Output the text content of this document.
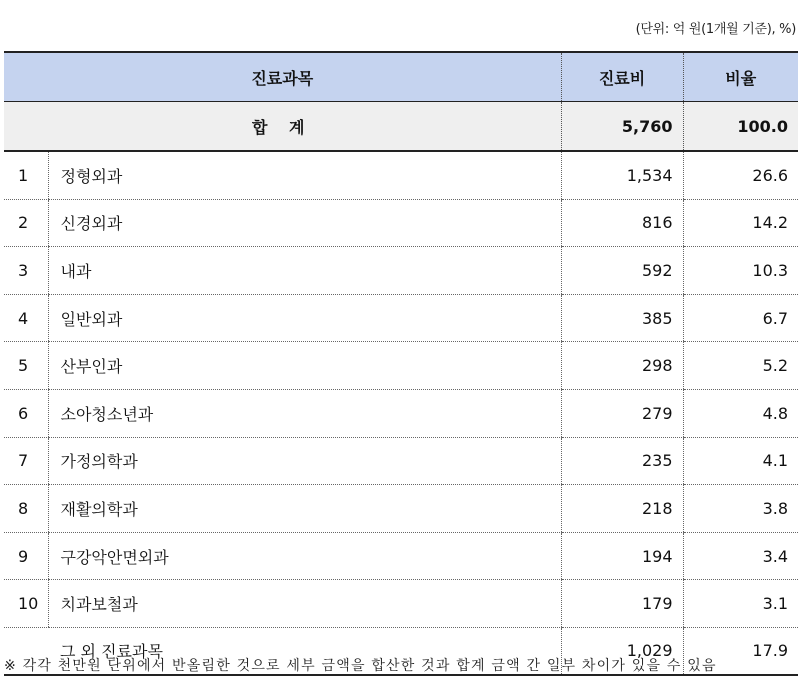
(단위: 억 원(1개월 기준), %)
진료과목		진료비	비율
합 계		5,760	100.0
1	정형외과	1,534	26.6
2	신경외과	816	14.2
3	내과	592	10.3
4	일반외과	385	6.7
5	산부인과	298	5.2
6	소아청소년과	279	4.8
7	가정의학과	235	4.1
8	재활의학과	218	3.8
9	구강악안면외과	194	3.4
10	치과보철과	179	3.1
	그 외 진료과목	1,029	17.9
※ 각각 천만원 단위에서 반올림한 것으로 세부 금액을 합산한 것과 합계 금액 간 일부 차이가 있을 수 있음
